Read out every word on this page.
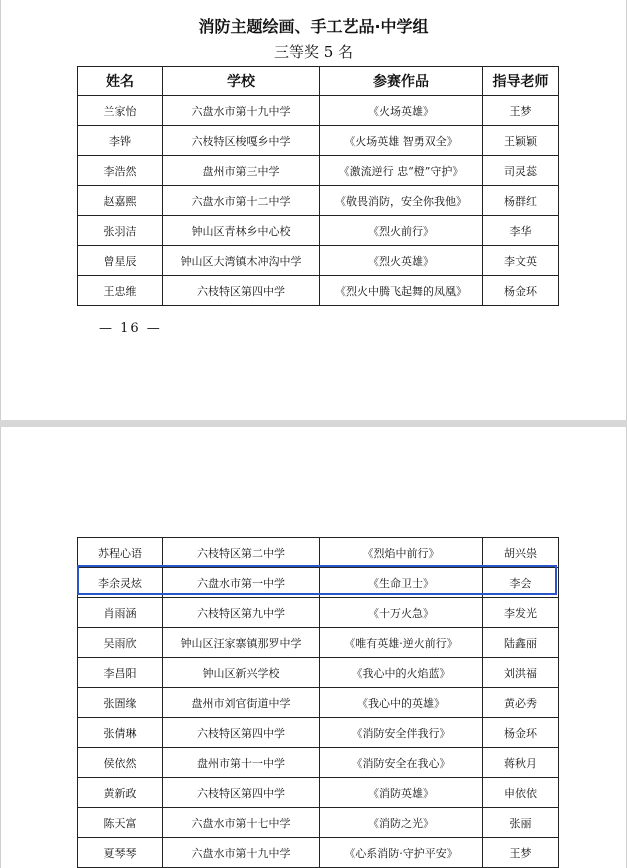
消防主题绘画、手工艺品·中学组
三等奖 5 名
姓名	学校	参赛作品	指导老师
兰家怡	六盘水市第十九中学	《火场英雄》	王梦
李铧	六枝特区梭嘎乡中学	《火场英雄 智勇双全》	王颖颖
李浩然	盘州市第三中学	《激流逆行 忠“橙”守护》	司灵蕊
赵嘉熙	六盘水市第十二中学	《敬畏消防，安全你我他》	杨群红
张羽洁	钟山区青林乡中心校	《烈火前行》	李华
曾星辰	钟山区大湾镇木冲沟中学	《烈火英雄》	李文英
王忠维	六枝特区第四中学	《烈火中腾飞起舞的凤凰》	杨金环
— 16 —
苏程心语	六枝特区第二中学	《烈焰中前行》	胡兴祟
李余灵炫	六盘水市第一中学	《生命卫士》	李会
肖雨涵	六枝特区第九中学	《十万火急》	李发光
吴雨欣	钟山区汪家寨镇那罗中学	《唯有英雄·逆火前行》	陆鑫丽
李昌阳	钟山区新兴学校	《我心中的火焰蓝》	刘洪福
张圄缘	盘州市刘官街道中学	《我心中的英雄》	黄必秀
张倩琳	六枝特区第四中学	《消防安全伴我行》	杨金环
侯依然	盘州市第十一中学	《消防安全在我心》	蒋秋月
黄新政	六枝特区第四中学	《消防英雄》	申依依
陈天富	六盘水市第十七中学	《消防之光》	张丽
夏琴琴	六盘水市第十九中学	《心系消防·守护平安》	王梦
